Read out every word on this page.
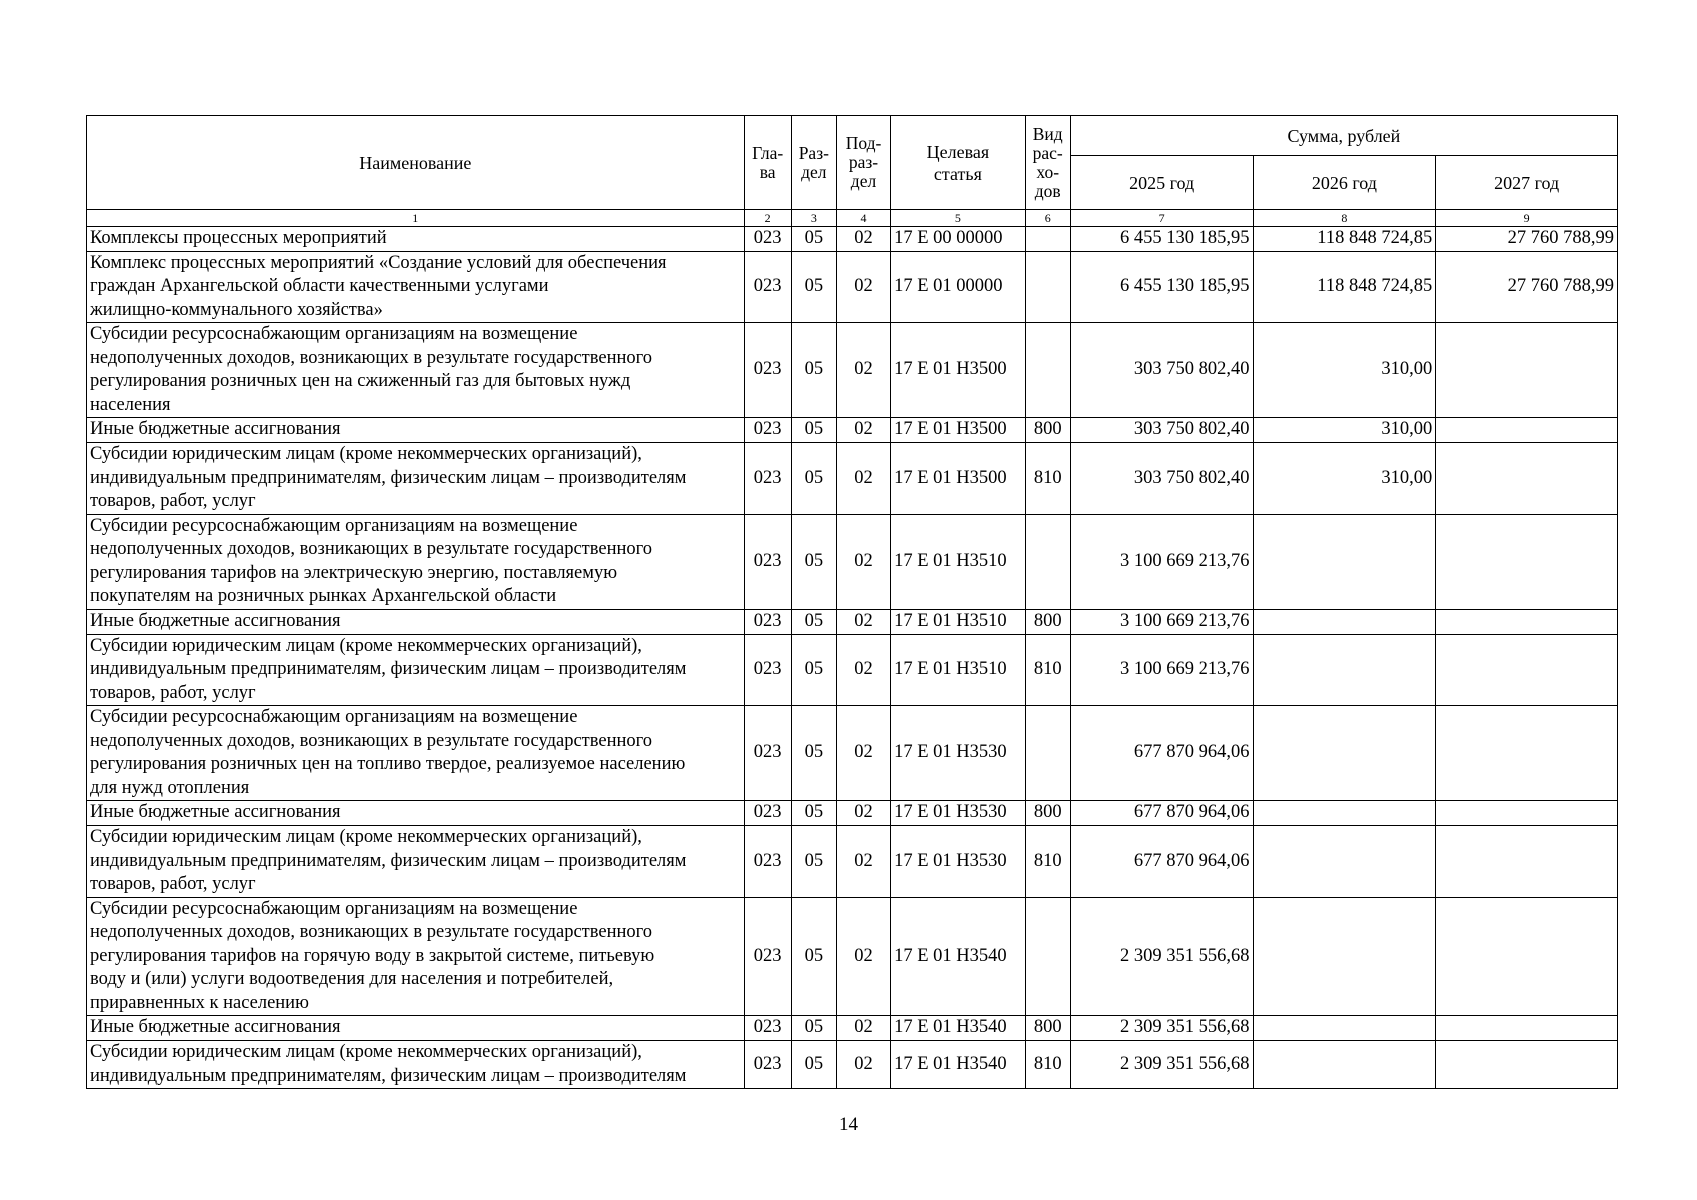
Наименование	Гла- ва	Раз- дел	Под- раз- дел	Целевая статья	Вид рас- хо- дов	Сумма, рублей		
						2025 год	2026 год	2027 год
1	2	3	4	5	6	7	8	9

Комплексы процессных мероприятий	023	05	02	17 Е 00 00000		6 455 130 185,95	118 848 724,85	27 760 788,99

Комплекс процессных мероприятий «Создание условий для обеспечения
граждан Архангельской области качественными услугами
жилищно-коммунального хозяйства»	023	05	02	17 Е 01 00000		6 455 130 185,95	118 848 724,85	27 760 788,99

Субсидии ресурсоснабжающим организациям на возмещение
недополученных доходов, возникающих в результате государственного
регулирования розничных цен на сжиженный газ для бытовых нужд
населения	023	05	02	17 Е 01 Н3500		303 750 802,40	310,00	

Иные бюджетные ассигнования	023	05	02	17 Е 01 Н3500	800	303 750 802,40	310,00	

Субсидии юридическим лицам (кроме некоммерческих организаций),
индивидуальным предпринимателям, физическим лицам – производителям
товаров, работ, услуг	023	05	02	17 Е 01 Н3500	810	303 750 802,40	310,00	

Субсидии ресурсоснабжающим организациям на возмещение
недополученных доходов, возникающих в результате государственного
регулирования тарифов на электрическую энергию, поставляемую
покупателям на розничных рынках Архангельской области	023	05	02	17 Е 01 Н3510		3 100 669 213,76		

Иные бюджетные ассигнования	023	05	02	17 Е 01 Н3510	800	3 100 669 213,76		

Субсидии юридическим лицам (кроме некоммерческих организаций),
индивидуальным предпринимателям, физическим лицам – производителям
товаров, работ, услуг	023	05	02	17 Е 01 Н3510	810	3 100 669 213,76		

Субсидии ресурсоснабжающим организациям на возмещение
недополученных доходов, возникающих в результате государственного
регулирования розничных цен на топливо твердое, реализуемое населению
для нужд отопления	023	05	02	17 Е 01 Н3530		677 870 964,06		

Иные бюджетные ассигнования	023	05	02	17 Е 01 Н3530	800	677 870 964,06		

Субсидии юридическим лицам (кроме некоммерческих организаций),
индивидуальным предпринимателям, физическим лицам – производителям
товаров, работ, услуг	023	05	02	17 Е 01 Н3530	810	677 870 964,06		

Субсидии ресурсоснабжающим организациям на возмещение
недополученных доходов, возникающих в результате государственного
регулирования тарифов на горячую воду в закрытой системе, питьевую
воду и (или) услуги водоотведения для населения и потребителей,
приравненных к населению	023	05	02	17 Е 01 Н3540		2 309 351 556,68		

Иные бюджетные ассигнования	023	05	02	17 Е 01 Н3540	800	2 309 351 556,68		

Субсидии юридическим лицам (кроме некоммерческих организаций),
индивидуальным предпринимателям, физическим лицам – производителям	023	05	02	17 Е 01 Н3540	810	2 309 351 556,68		
14
